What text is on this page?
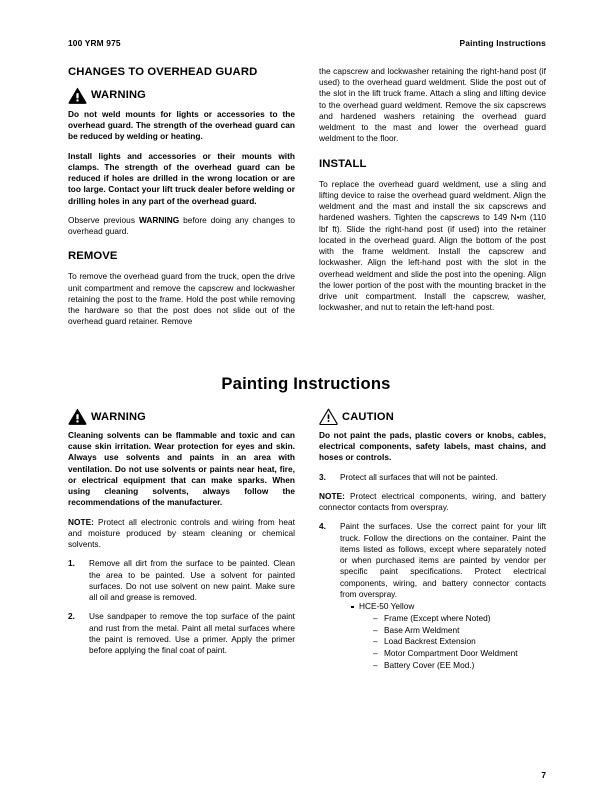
100 YRM 975	Painting Instructions
CHANGES TO OVERHEAD GUARD
WARNING

Do not weld mounts for lights or accessories to the overhead guard. The strength of the overhead guard can be reduced by welding or heating.

Install lights and accessories or their mounts with clamps. The strength of the overhead guard can be reduced if holes are drilled in the wrong location or are too large. Contact your lift truck dealer before welding or drilling holes in any part of the overhead guard.

Observe previous WARNING before doing any changes to overhead guard.

REMOVE

To remove the overhead guard from the truck, open the drive unit compartment and remove the capscrew and lockwasher retaining the post to the frame. Hold the post while removing the hardware so that the post does not slide out of the overhead guard retainer. Remove

the capscrew and lockwasher retaining the right-hand post (if used) to the overhead guard weldment. Slide the post out of the slot in the lift truck frame. Attach a sling and lifting device to the overhead guard weldment. Remove the six capscrews and hardened washers retaining the overhead guard weldment to the mast and lower the overhead guard weldment to the floor.

INSTALL

To replace the overhead guard weldment, use a sling and lifting device to raise the overhead guard weldment. Align the weldment and the mast and install the six capscrews and hardened washers. Tighten the capscrews to 149 N•m (110 lbf ft). Slide the right-hand post (if used) into the retainer located in the overhead guard. Align the bottom of the post with the frame weldment. Install the capscrew and lockwasher. Align the left-hand post with the slot in the overhead weldment and slide the post into the opening. Align the lower portion of the post with the mounting bracket in the drive unit compartment. Install the capscrew, washer, lockwasher, and nut to retain the left-hand post.

Painting Instructions
WARNING

Cleaning solvents can be flammable and toxic and can cause skin irritation. Wear protection for eyes and skin. Always use solvents and paints in an area with ventilation. Do not use solvents or paints near heat, fire, or electrical equipment that can make sparks. When using cleaning solvents, always follow the recommendations of the manufacturer.

NOTE: Protect all electronic controls and wiring from heat and moisture produced by steam cleaning or chemical solvents.

1.	Remove all dirt from the surface to be painted. Clean the area to be painted. Use a solvent for painted surfaces. Do not use solvent on new paint. Make sure all oil and grease is removed.
2.	Use sandpaper to remove the top surface of the paint and rust from the metal. Paint all metal surfaces where the paint is removed. Use a primer. Apply the primer before applying the final coat of paint.
CAUTION

Do not paint the pads, plastic covers or knobs, cables, electrical components, safety labels, mast chains, and hoses or controls.

3.	Protect all surfaces that will not be painted.

NOTE: Protect electrical components, wiring, and battery connector contacts from overspray.

4.	Paint the surfaces. Use the correct paint for your lift truck. Follow the directions on the container. Paint the items listed as follows, except where separately noted or when purchased items are painted by vendor per specific paint specifications. Protect electrical components, wiring, and battery connector contacts from overspray.
HCE-50 Yellow
– Frame (Except where Noted)
– Base Arm Weldment
– Load Backrest Extension
– Motor Compartment Door Weldment
– Battery Cover (EE Mod.)
7
